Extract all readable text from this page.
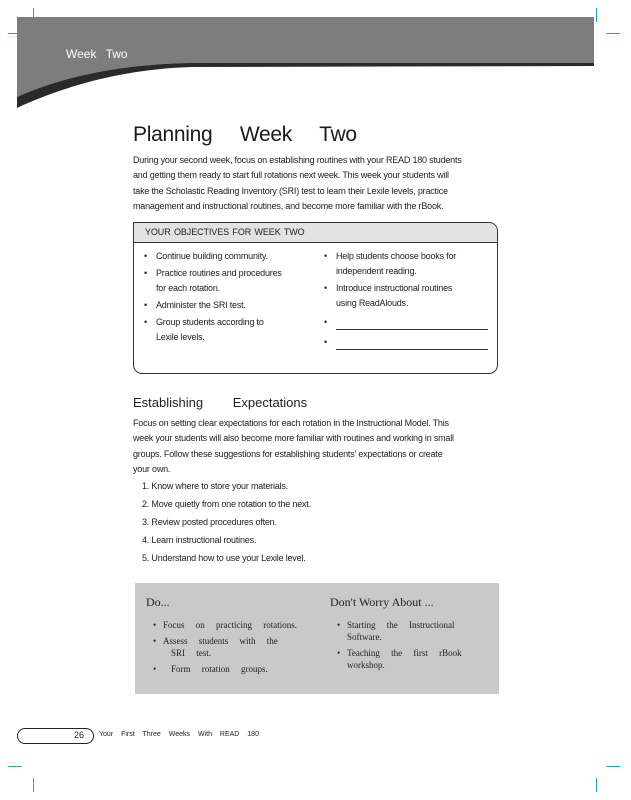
Week Two
Planning Week Two
During your second week, focus on establishing routines with your READ 180 students
and getting them ready to start full rotations next week. This week your students will
take the Scholastic Reading Inventory (SRI) test to learn their Lexile levels, practice
management and instructional routines, and become more familiar with the rBook.
YOUR OBJECTIVES FOR WEEK TWO
• Continue building community.
• Practice routines and procedures
for each rotation.
• Administer the SRI test.
• Group students according to
Lexile levels.
• Help students choose books for
independent reading.
• Introduce instructional routines
using ReadAlouds.
•
•
Establishing Expectations
Focus on setting clear expectations for each rotation in the Instructional Model. This
week your students will also become more familiar with routines and working in small
groups. Follow these suggestions for establishing students' expectations or create
your own.
1. Know where to store your materials.
2. Move quietly from one rotation to the next.
3. Review posted procedures often.
4. Learn instructional routines.
5. Understand how to use your Lexile level.
Do...	Don't Worry About ...
• Focus on practicing rotations.
• Assess students with the
SRI test.
• Form rotation groups.
• Starting the Instructional
Software.
• Teaching the first rBook
workshop.
26 Your First Three Weeks With READ 180
